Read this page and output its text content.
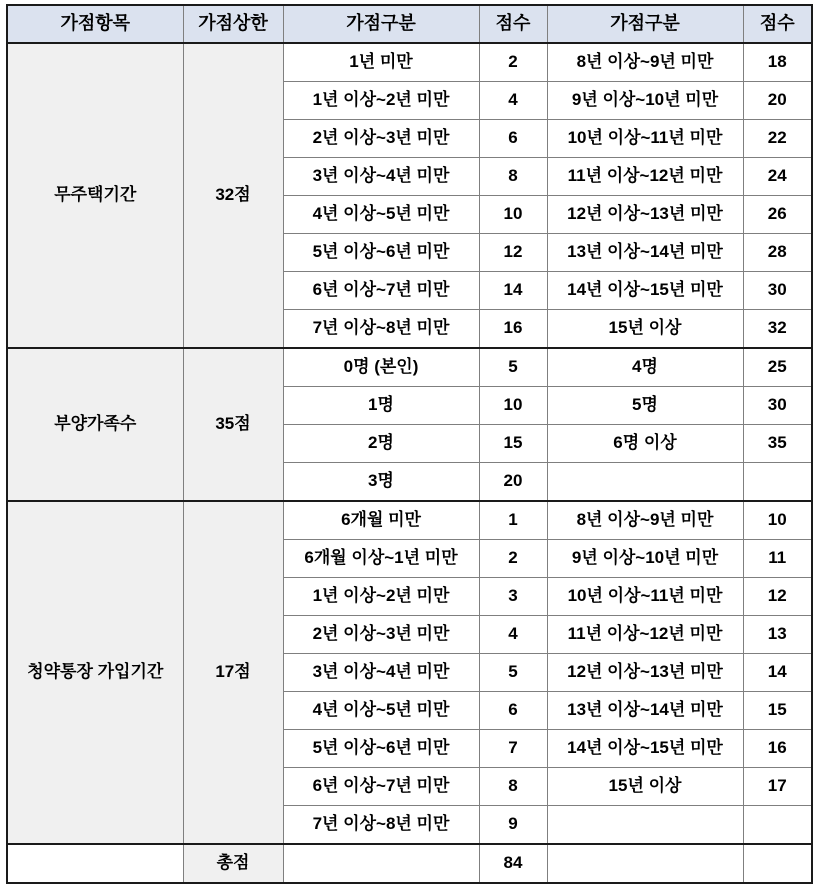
가점항목	가점상한	가점구분	점수	가점구분	점수
무주택기간	32점	1년 미만	2	8년 이상~9년 미만	18
		1년 이상~2년 미만	4	9년 이상~10년 미만	20
		2년 이상~3년 미만	6	10년 이상~11년 미만	22
		3년 이상~4년 미만	8	11년 이상~12년 미만	24
		4년 이상~5년 미만	10	12년 이상~13년 미만	26
		5년 이상~6년 미만	12	13년 이상~14년 미만	28
		6년 이상~7년 미만	14	14년 이상~15년 미만	30
		7년 이상~8년 미만	16	15년 이상	32
부양가족수	35점	0명 (본인)	5	4명	25
		1명	10	5명	30
		2명	15	6명 이상	35
		3명	20		
청약통장 가입기간	17점	6개월 미만	1	8년 이상~9년 미만	10
		6개월 이상~1년 미만	2	9년 이상~10년 미만	11
		1년 이상~2년 미만	3	10년 이상~11년 미만	12
		2년 이상~3년 미만	4	11년 이상~12년 미만	13
		3년 이상~4년 미만	5	12년 이상~13년 미만	14
		4년 이상~5년 미만	6	13년 이상~14년 미만	15
		5년 이상~6년 미만	7	14년 이상~15년 미만	16
		6년 이상~7년 미만	8	15년 이상	17
		7년 이상~8년 미만	9		
	총점		84		
